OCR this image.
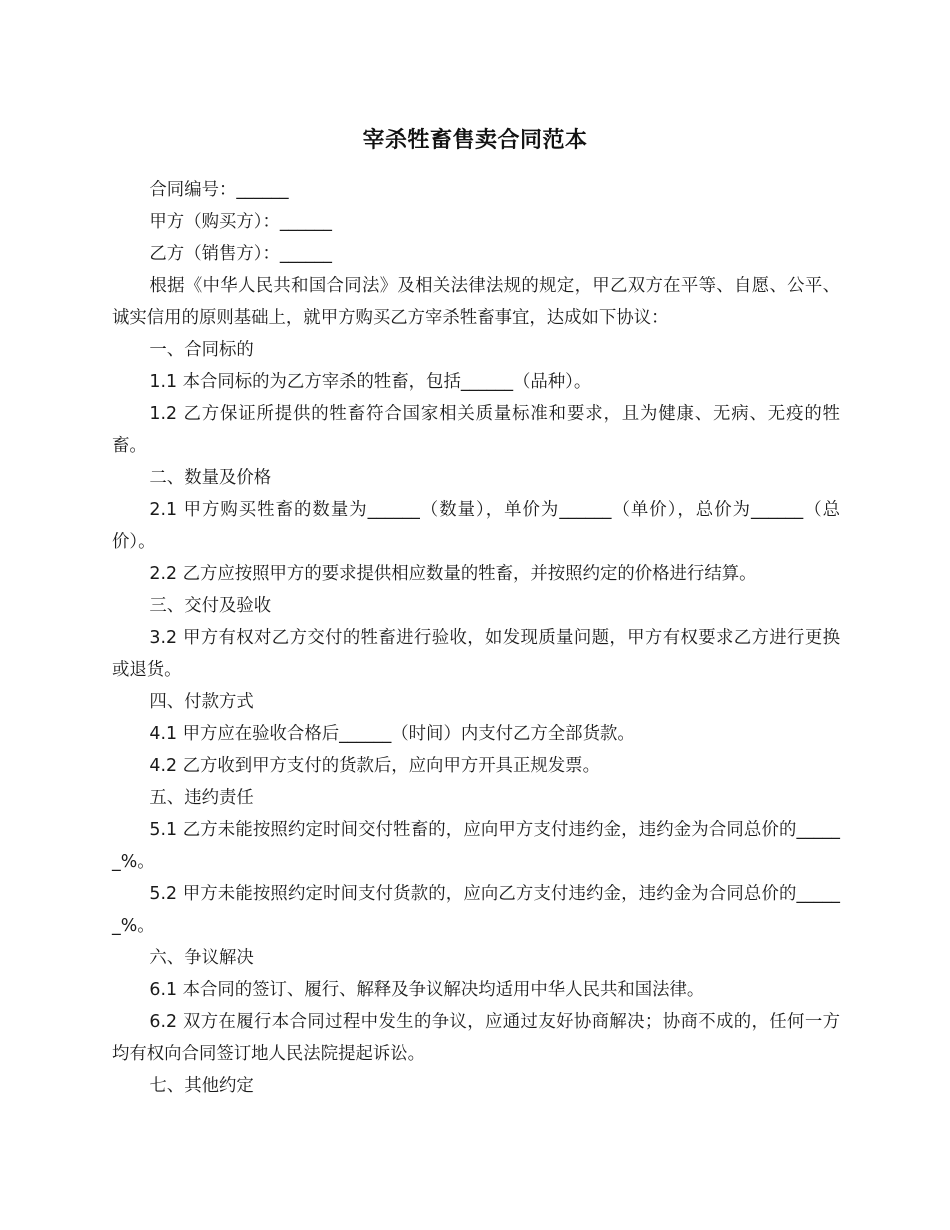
宰杀牲畜售卖合同范本

合同编号：______

甲方（购买方）：______

乙方（销售方）：______

根据《中华人民共和国合同法》及相关法律法规的规定，甲乙双方在平等、自愿、公平、诚实信用的原则基础上，就甲方购买乙方宰杀牲畜事宜，达成如下协议：

一、合同标的

1.1 本合同标的为乙方宰杀的牲畜，包括______（品种）。

1.2 乙方保证所提供的牲畜符合国家相关质量标准和要求，且为健康、无病、无疫的牲畜。

二、数量及价格

2.1 甲方购买牲畜的数量为______（数量），单价为______（单价），总价为______（总价）。

2.2 乙方应按照甲方的要求提供相应数量的牲畜，并按照约定的价格进行结算。

三、交付及验收

3.2 甲方有权对乙方交付的牲畜进行验收，如发现质量问题，甲方有权要求乙方进行更换或退货。

四、付款方式

4.1 甲方应在验收合格后______（时间）内支付乙方全部货款。

4.2 乙方收到甲方支付的货款后，应向甲方开具正规发票。

五、违约责任

5.1 乙方未能按照约定时间交付牲畜的，应向甲方支付违约金，违约金为合同总价的______%。

5.2 甲方未能按照约定时间支付货款的，应向乙方支付违约金，违约金为合同总价的______%。

六、争议解决

6.1 本合同的签订、履行、解释及争议解决均适用中华人民共和国法律。

6.2 双方在履行本合同过程中发生的争议，应通过友好协商解决；协商不成的，任何一方均有权向合同签订地人民法院提起诉讼。

七、其他约定
